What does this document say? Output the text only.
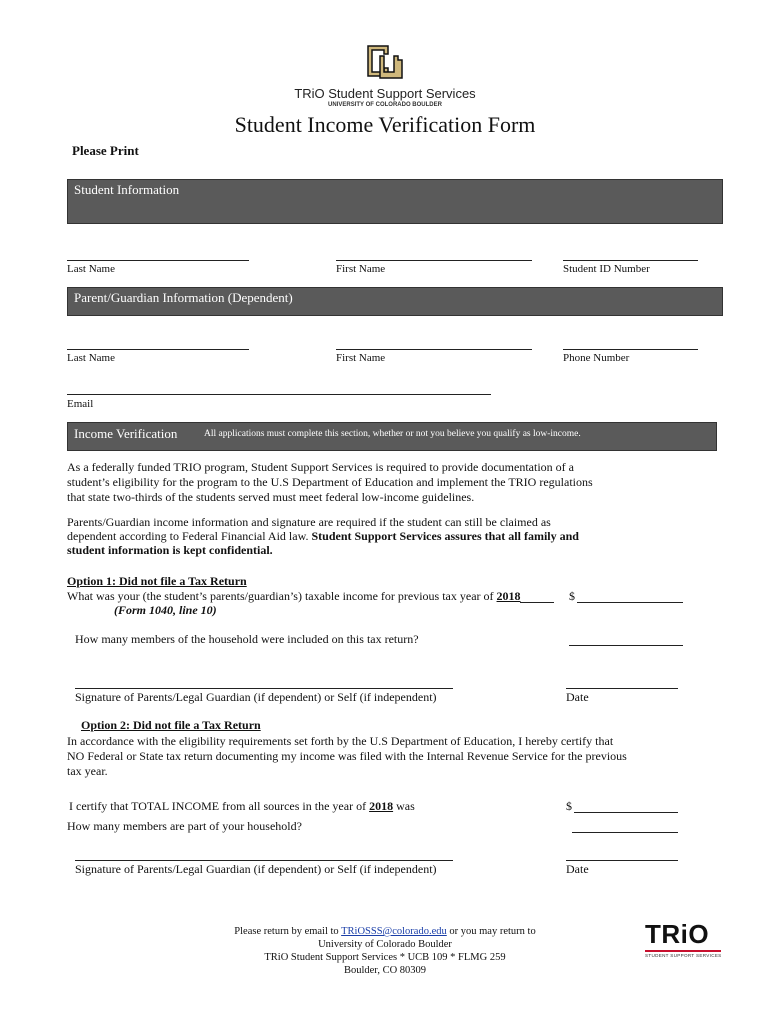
TRiO Student Support Services
UNIVERSITY OF COLORADO BOULDER
Student Income Verification Form
Please Print
Student Information
Last Name	First Name	Student ID Number
Parent/Guardian Information (Dependent)
Last Name	First Name	Phone Number
Email
Income Verification	All applications must complete this section, whether or not you believe you qualify as low-income.
As a federally funded TRIO program, Student Support Services is required to provide documentation of a
student’s eligibility for the program to the U.S Department of Education and implement the TRIO regulations
that state two-thirds of the students served must meet federal low-income guidelines.
Parents/Guardian income information and signature are required if the student can still be claimed as
dependent according to Federal Financial Aid law. Student Support Services assures that all family and
student information is kept confidential.
Option 1: Did not file a Tax Return
What was your (the student’s parents/guardian’s) taxable income for previous tax year of 2018	$
(Form 1040, line 10)
How many members of the household were included on this tax return?
Signature of Parents/Legal Guardian (if dependent) or Self (if independent)	Date
Option 2: Did not file a Tax Return
In accordance with the eligibility requirements set forth by the U.S Department of Education, I hereby certify that
NO Federal or State tax return documenting my income was filed with the Internal Revenue Service for the previous
tax year.
I certify that TOTAL INCOME from all sources in the year of 2018 was	$
How many members are part of your household?
Signature of Parents/Legal Guardian (if dependent) or Self (if independent)	Date
Please return by email to TRiOSSS@colorado.edu or you may return to
University of Colorado Boulder
TRiO Student Support Services * UCB 109 * FLMG 259
Boulder, CO 80309
TRiO
STUDENT SUPPORT SERVICES
